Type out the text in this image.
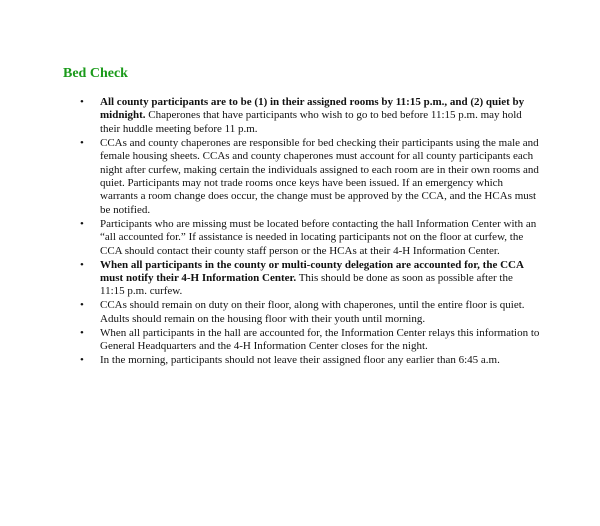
Bed Check
• All county participants are to be (1) in their assigned rooms by 11:15 p.m., and (2) quiet by midnight. Chaperones that have participants who wish to go to bed before 11:15 p.m. may hold their huddle meeting before 11 p.m.
• CCAs and county chaperones are responsible for bed checking their participants using the male and female housing sheets. CCAs and county chaperones must account for all county participants each night after curfew, making certain the individuals assigned to each room are in their own rooms and quiet. Participants may not trade rooms once keys have been issued. If an emergency which warrants a room change does occur, the change must be approved by the CCA, and the HCAs must be notified.
• Participants who are missing must be located before contacting the hall Information Center with an “all accounted for.” If assistance is needed in locating participants not on the floor at curfew, the CCA should contact their county staff person or the HCAs at their 4-H Information Center.
• When all participants in the county or multi-county delegation are accounted for, the CCA must notify their 4-H Information Center. This should be done as soon as possible after the 11:15 p.m. curfew.
• CCAs should remain on duty on their floor, along with chaperones, until the entire floor is quiet. Adults should remain on the housing floor with their youth until morning.
• When all participants in the hall are accounted for, the Information Center relays this information to General Headquarters and the 4-H Information Center closes for the night.
• In the morning, participants should not leave their assigned floor any earlier than 6:45 a.m.
